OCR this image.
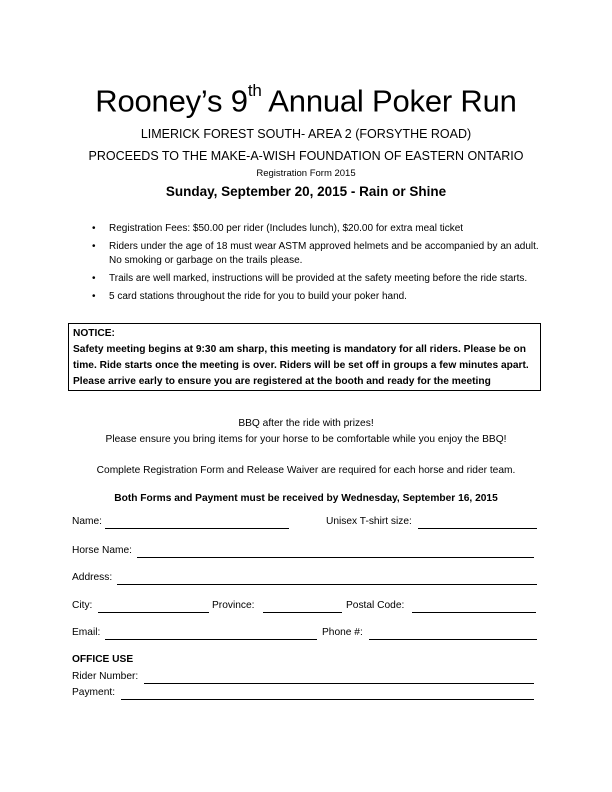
Rooney’s 9th Annual Poker Run
LIMERICK FOREST SOUTH- AREA 2 (FORSYTHE ROAD)
PROCEEDS TO THE MAKE-A-WISH FOUNDATION OF EASTERN ONTARIO
Registration Form 2015
Sunday, September 20, 2015 - Rain or Shine
• Registration Fees: $50.00 per rider (Includes lunch), $20.00 for extra meal ticket
• Riders under the age of 18 must wear ASTM approved helmets and be accompanied by an adult. No smoking or garbage on the trails please.
• Trails are well marked, instructions will be provided at the safety meeting before the ride starts.
• 5 card stations throughout the ride for you to build your poker hand.
NOTICE:
Safety meeting begins at 9:30 am sharp, this meeting is mandatory for all riders. Please be on time. Ride starts once the meeting is over. Riders will be set off in groups a few minutes apart. Please arrive early to ensure you are registered at the booth and ready for the meeting
BBQ after the ride with prizes!
Please ensure you bring items for your horse to be comfortable while you enjoy the BBQ!
Complete Registration Form and Release Waiver are required for each horse and rider team.
Both Forms and Payment must be received by Wednesday, September 16, 2015
Name:	Unisex T-shirt size:
Horse Name:
Address:
City:	Province:	Postal Code:
Email:	Phone #:
OFFICE USE
Rider Number:
Payment:
